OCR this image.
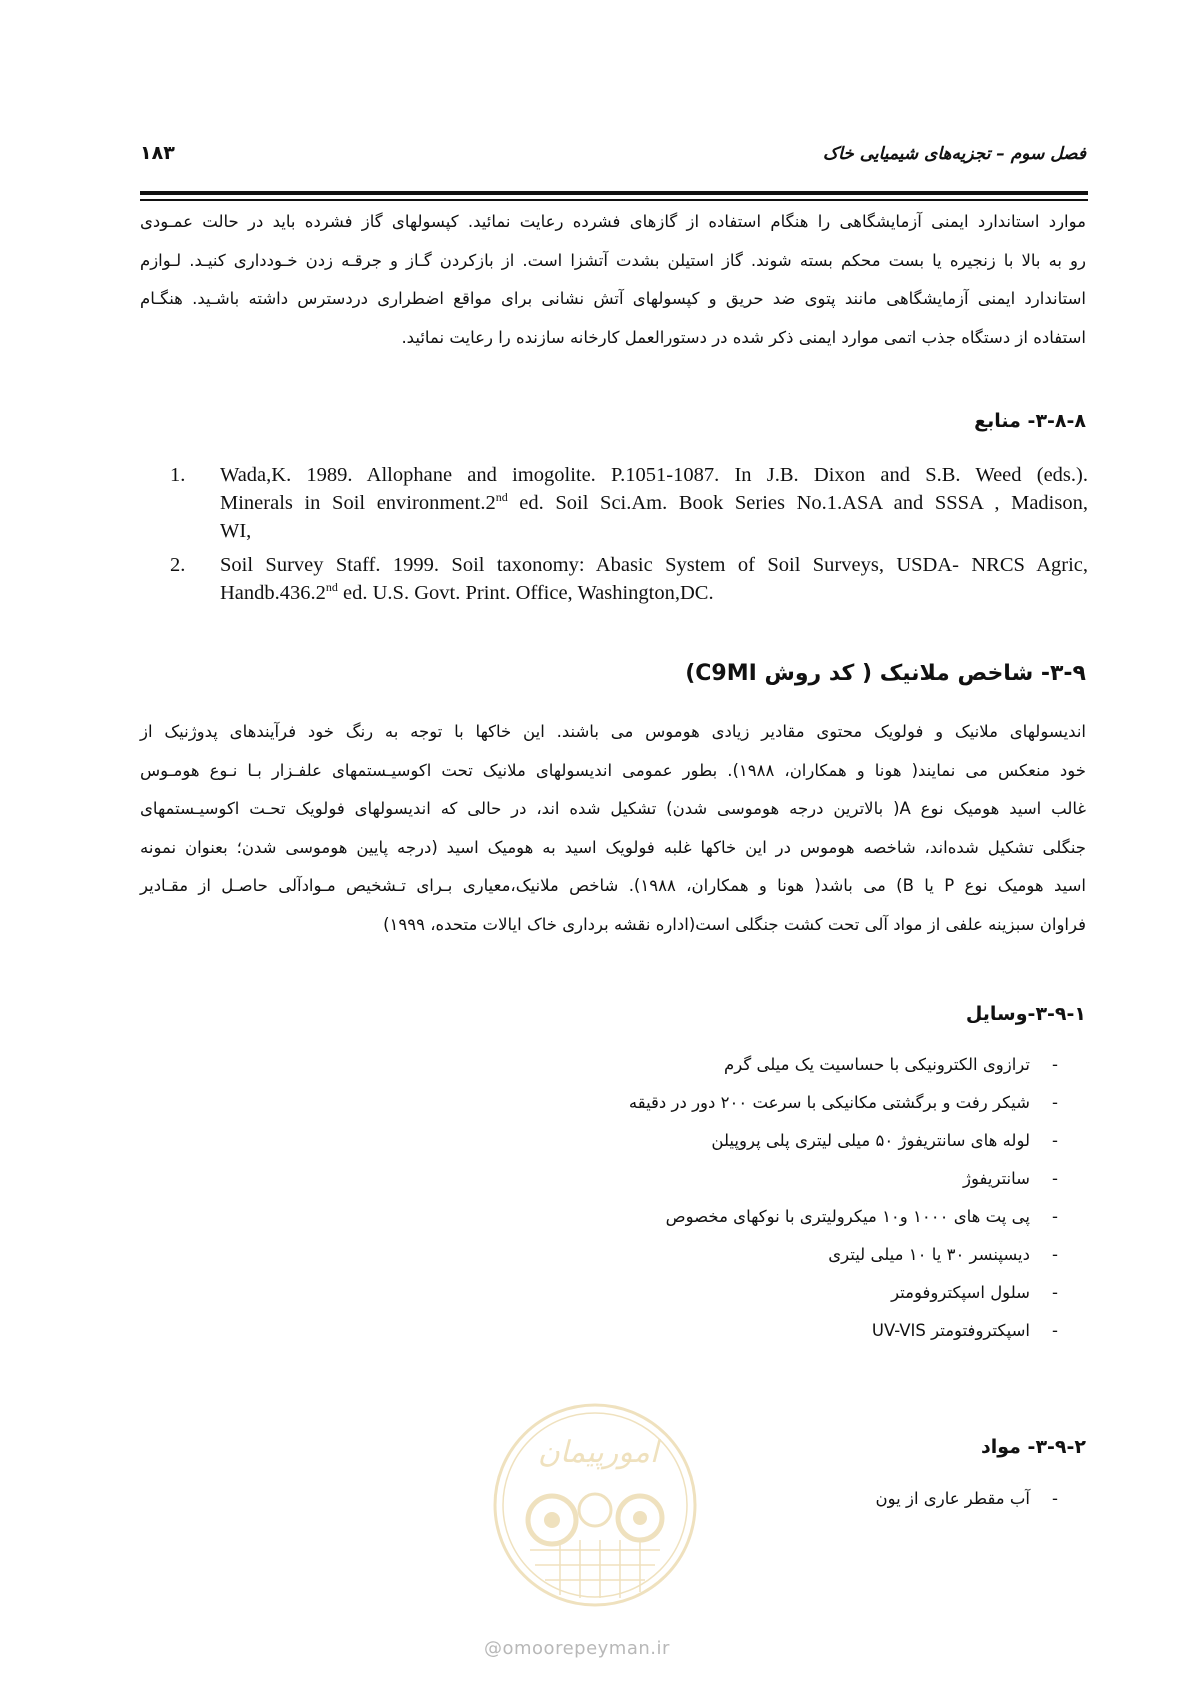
فصل سوم – تجزیه‌های شیمیایی خاک
۱۸۳
موارد استاندارد ایمنی آزمایشگاهی را هنگام استفاده از گازهای فشرده رعایت نمائید. کپسولهای گاز فشرده باید در حالت عمـودی
رو به بالا با زنجیره یا بست محکم بسته شوند. گاز استیلن بشدت آتشزا است. از بازکردن گـاز و جرقـه زدن خـودداری کنیـد. لـوازم
استاندارد ایمنی آزمایشگاهی مانند پتوی ضد حریق و کپسولهای آتش نشانی برای مواقع اضطراری دردسترس داشته باشـید. هنگـام
استفاده از دستگاه جذب اتمی موارد ایمنی ذکر شده در دستورالعمل کارخانه سازنده را رعایت نمائید.
۳-۸-۸- منابع
1. Wada,K. 1989. Allophane and imogolite. P.1051-1087. In J.B. Dixon and S.B. Weed (eds.).
Minerals in Soil environment.2nd ed. Soil Sci.Am. Book Series No.1.ASA and SSSA , Madison,
WI,
2. Soil Survey Staff. 1999. Soil taxonomy: Abasic System of Soil Surveys, USDA- NRCS Agric,
Handb.436.2nd ed. U.S. Govt. Print. Office, Washington,DC.
۳-۹- شاخص ملانیک ( کد روش C9MI)
اندیسولهای ملانیک و فولویک محتوی مقادیر زیادی هوموس می باشند. این خاکها با توجه به رنگ خود فرآیندهای پدوژنیک از
خود منعکس می نمایند( هونا و همکاران، ۱۹۸۸). بطور عمومی اندیسولهای ملانیک تحت اکوسیـستمهای علفـزار بـا نـوع هومـوس
غالب اسید هومیک نوع A( بالاترین درجه هوموسی شدن) تشکیل شده اند، در حالی که اندیسولهای فولویک تحـت اکوسیـستمهای
جنگلی تشکیل شده‌اند، شاخصه هوموس در این خاکها غلبه فولویک اسید به هومیک اسید (درجه پایین هوموسی شدن؛ بعنوان نمونه
اسید هومیک نوع P یا B) می باشد( هونا و همکاران، ۱۹۸۸). شاخص ملانیک،معیاری بـرای تـشخیص مـوادآلی حاصـل از مقـادیر
فراوان سبزینه علفی از مواد آلی تحت کشت جنگلی است(اداره نقشه برداری خاک ایالات متحده، ۱۹۹۹)
۳-۹-۱-وسایل
-
ترازوی الکترونیکی با حساسیت یک میلی گرم
-
شیکر رفت و برگشتی مکانیکی با سرعت ۲۰۰ دور در دقیقه
-
لوله های سانتریفوژ ۵۰ میلی لیتری پلی پروپیلن
-
سانتریفوژ
-
پی پت های ۱۰۰۰ و۱۰ میکرولیتری با نوکهای مخصوص
-
دیسپنسر ۳۰ یا ۱۰ میلی لیتری
-
سلول اسپکتروفومتر
-
اسپکتروفتومتر UV-VIS
۳-۹-۲- مواد
-
آب مقطر عاری از یون
امورپیمان
@omoorepeyman.ir
